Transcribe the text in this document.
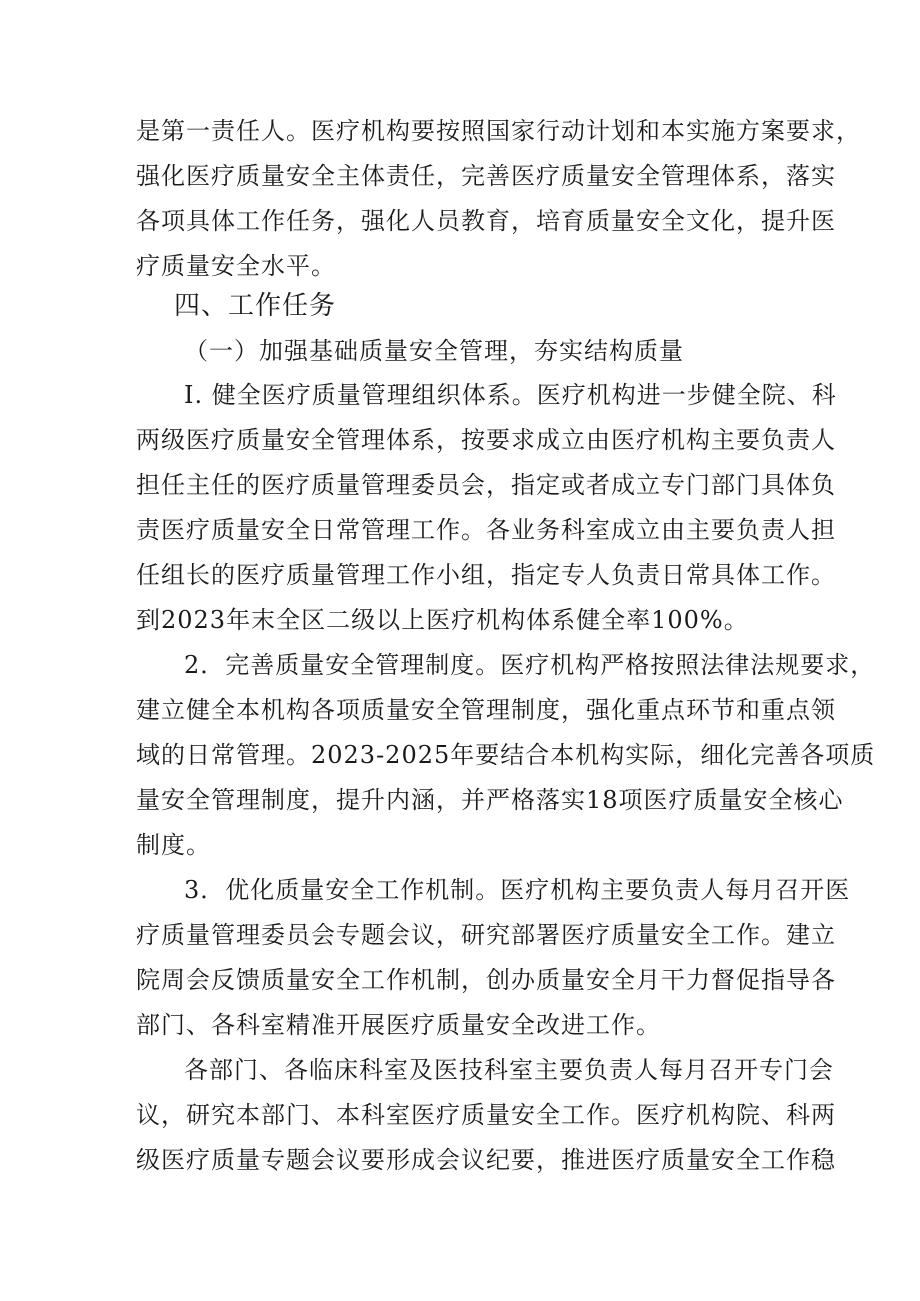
是第一责任人。医疗机构要按照国家行动计划和本实施方案要求，
强化医疗质量安全主体责任，完善医疗质量安全管理体系，落实
各项具体工作任务，强化人员教育，培育质量安全文化，提升医
疗质量安全水平。
四、工作任务
（一）加强基础质量安全管理，夯实结构质量
I. 健全医疗质量管理组织体系。医疗机构进一步健全院、科
两级医疗质量安全管理体系，按要求成立由医疗机构主要负责人
担任主任的医疗质量管理委员会，指定或者成立专门部门具体负
责医疗质量安全日常管理工作。各业务科室成立由主要负责人担
任组长的医疗质量管理工作小组，指定专人负责日常具体工作。
到2023年末全区二级以上医疗机构体系健全率100%。
2．完善质量安全管理制度。医疗机构严格按照法律法规要求，
建立健全本机构各项质量安全管理制度，强化重点环节和重点领
域的日常管理。2023-2025年要结合本机构实际，细化完善各项质
量安全管理制度，提升内涵，并严格落实18项医疗质量安全核心
制度。
3．优化质量安全工作机制。医疗机构主要负责人每月召开医
疗质量管理委员会专题会议，研究部署医疗质量安全工作。建立
院周会反馈质量安全工作机制，创办质量安全月干力督促指导各
部门、各科室精准开展医疗质量安全改进工作。
各部门、各临床科室及医技科室主要负责人每月召开专门会
议，研究本部门、本科室医疗质量安全工作。医疗机构院、科两
级医疗质量专题会议要形成会议纪要，推进医疗质量安全工作稳
